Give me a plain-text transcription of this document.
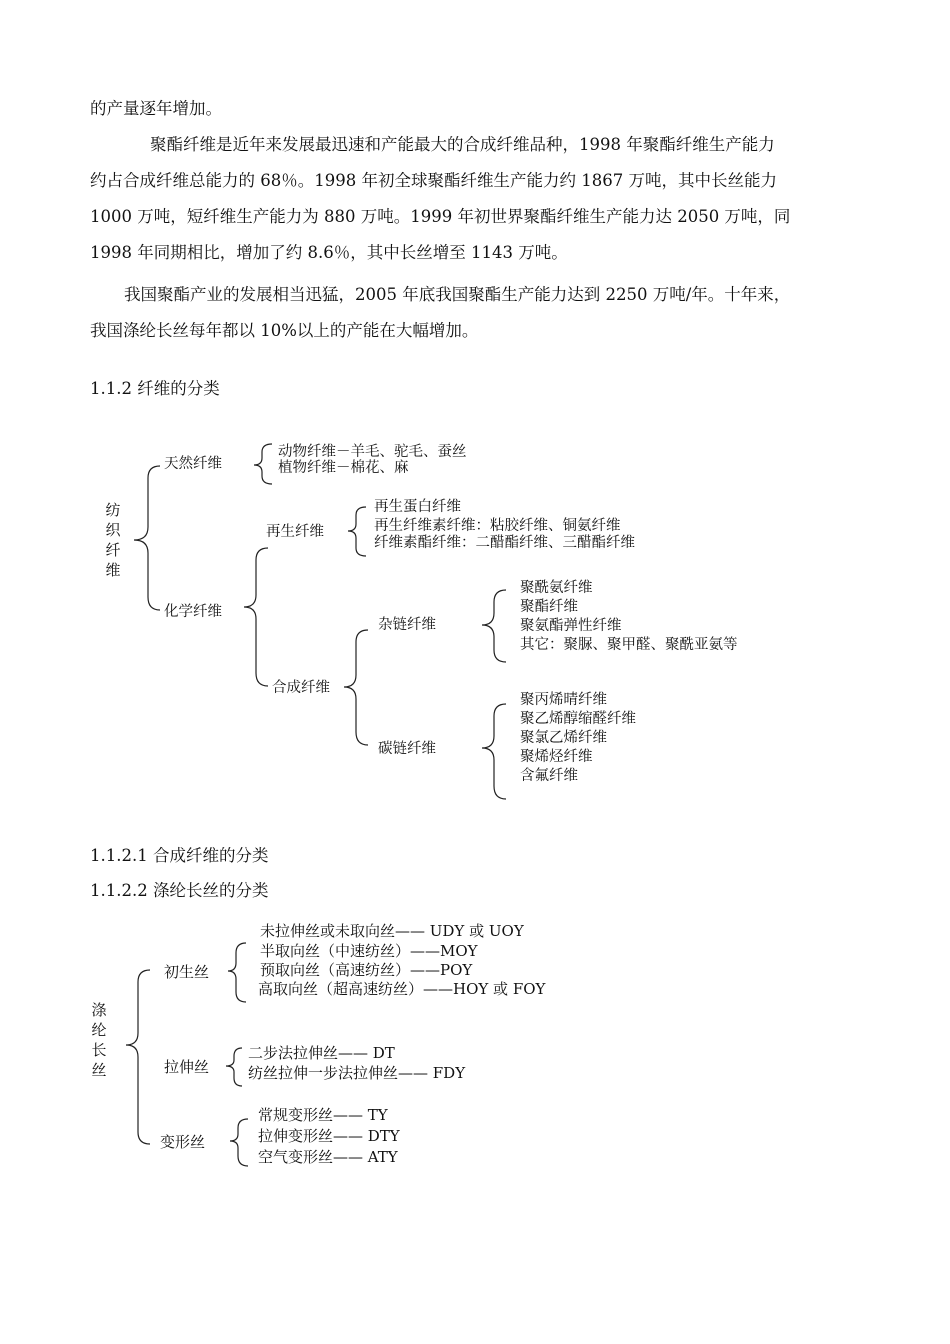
的产量逐年增加。
聚酯纤维是近年来发展最迅速和产能最大的合成纤维品种，1998 年聚酯纤维生产能力
约占合成纤维总能力的 68％。1998 年初全球聚酯纤维生产能力约 1867 万吨，其中长丝能力
1000 万吨，短纤维生产能力为 880 万吨。1999 年初世界聚酯纤维生产能力达 2050 万吨，同
1998 年同期相比，增加了约 8.6％，其中长丝增至 1143 万吨。
我国聚酯产业的发展相当迅猛，2005 年底我国聚酯生产能力达到 2250 万吨/年。十年来，
我国涤纶长丝每年都以 10%以上的产能在大幅增加。
1.1.2 纤维的分类
纺织纤维
天然纤维
动物纤维－羊毛、驼毛、蚕丝
植物纤维－棉花、麻
化学纤维
再生纤维
再生蛋白纤维
再生纤维素纤维：粘胶纤维、铜氨纤维
纤维素酯纤维：二醋酯纤维、三醋酯纤维
合成纤维
杂链纤维
聚酰氨纤维
聚酯纤维
聚氨酯弹性纤维
其它：聚脲、聚甲醛、聚酰亚氨等
碳链纤维
聚丙烯晴纤维
聚乙烯醇缩醛纤维
聚氯乙烯纤维
聚烯烃纤维
含氟纤维
1.1.2.1 合成纤维的分类
1.1.2.2 涤纶长丝的分类
涤纶长丝
初生丝
未拉伸丝或未取向丝—— UDY 或 UOY
半取向丝（中速纺丝）——MOY
预取向丝（高速纺丝）——POY
高取向丝（超高速纺丝）——HOY 或 FOY
拉伸丝
二步法拉伸丝—— DT
纺丝拉伸一步法拉伸丝—— FDY
变形丝
常规变形丝—— TY
拉伸变形丝—— DTY
空气变形丝—— ATY
